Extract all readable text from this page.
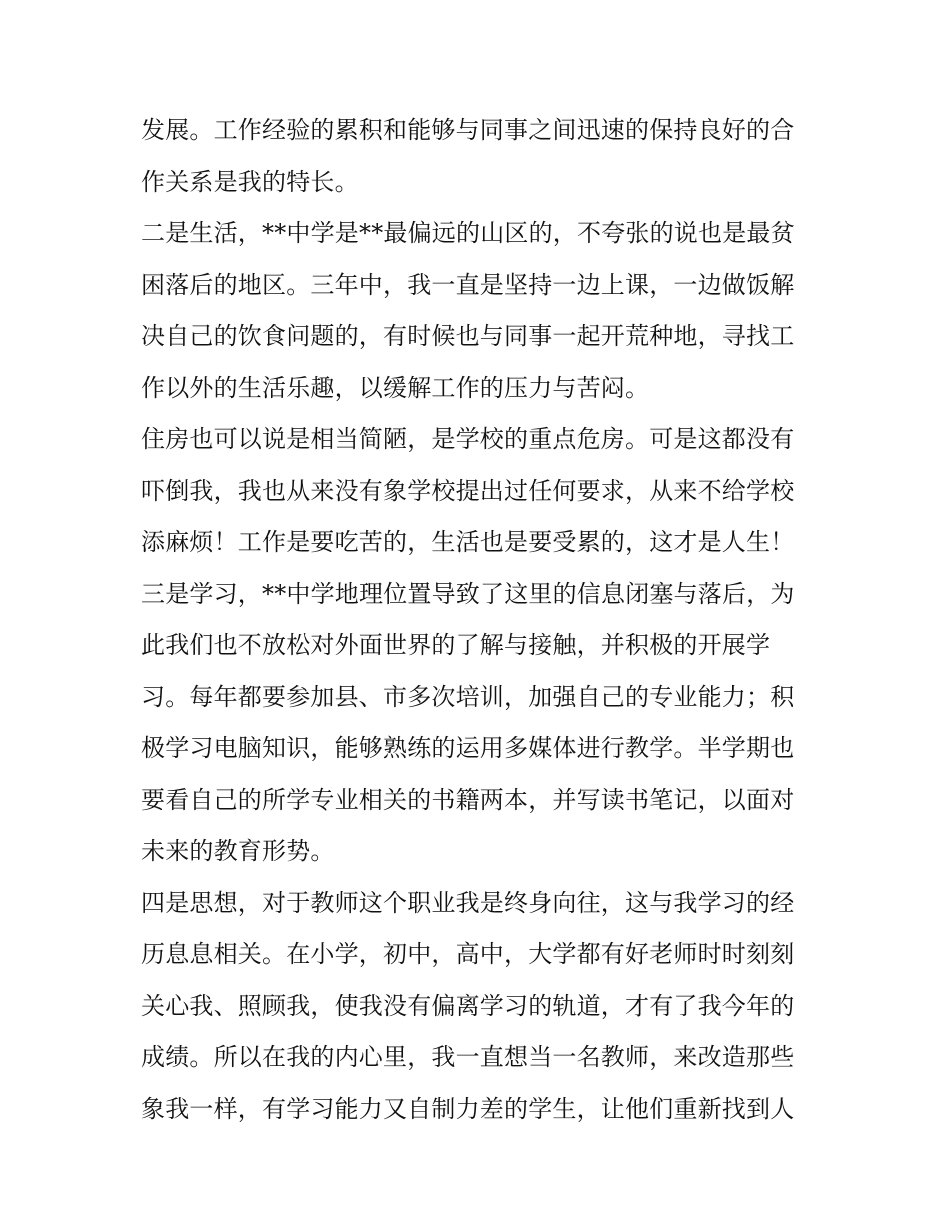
发展。工作经验的累积和能够与同事之间迅速的保持良好的合
作关系是我的特长。
二是生活，**中学是**最偏远的山区的，不夸张的说也是最贫
困落后的地区。三年中，我一直是坚持一边上课，一边做饭解
决自己的饮食问题的，有时候也与同事一起开荒种地，寻找工
作以外的生活乐趣，以缓解工作的压力与苦闷。
住房也可以说是相当简陋，是学校的重点危房。可是这都没有
吓倒我，我也从来没有象学校提出过任何要求，从来不给学校
添麻烦！工作是要吃苦的，生活也是要受累的，这才是人生！
三是学习，**中学地理位置导致了这里的信息闭塞与落后，为
此我们也不放松对外面世界的了解与接触，并积极的开展学
习。每年都要参加县、市多次培训，加强自己的专业能力；积
极学习电脑知识，能够熟练的运用多媒体进行教学。半学期也
要看自己的所学专业相关的书籍两本，并写读书笔记，以面对
未来的教育形势。
四是思想，对于教师这个职业我是终身向往，这与我学习的经
历息息相关。在小学，初中，高中，大学都有好老师时时刻刻
关心我、照顾我，使我没有偏离学习的轨道，才有了我今年的
成绩。所以在我的内心里，我一直想当一名教师，来改造那些
象我一样，有学习能力又自制力差的学生，让他们重新找到人
